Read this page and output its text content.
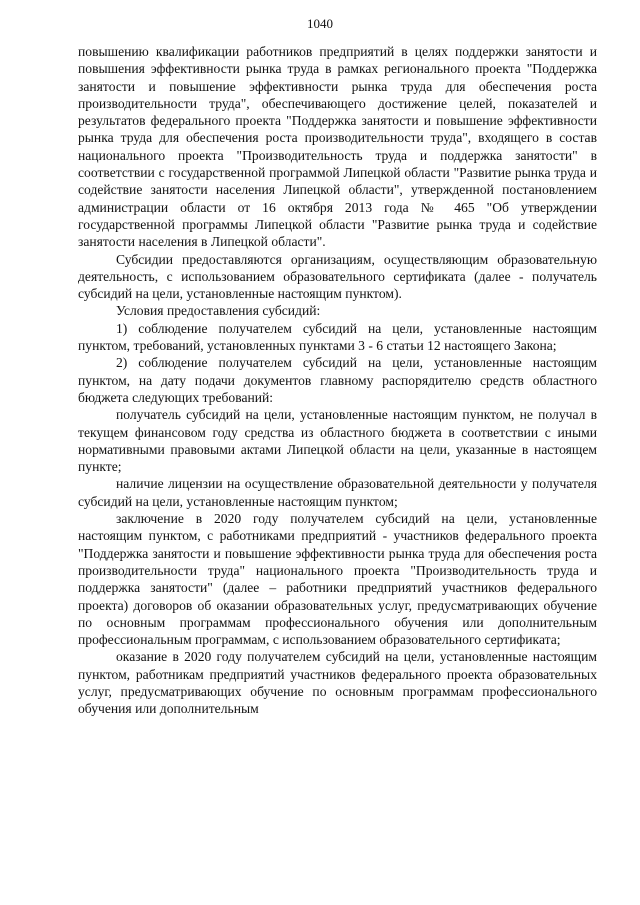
1040

повышению квалификации работников предприятий в целях поддержки занятости и повышения эффективности рынка труда в рамках регионального проекта "Поддержка занятости и повышение эффективности рынка труда для обеспечения роста производительности труда", обеспечивающего достижение целей, показателей и результатов федерального проекта "Поддержка занятости и повышение эффективности рынка труда для обеспечения роста производительности труда", входящего в состав национального проекта "Производительность труда и поддержка занятости" в соответствии с государственной программой Липецкой области "Развитие рынка труда и содействие занятости населения Липецкой области", утвержденной постановлением администрации области от 16 октября 2013 года № 465 "Об утверждении государственной программы Липецкой области "Развитие рынка труда и содействие занятости населения в Липецкой области".

Субсидии предоставляются организациям, осуществляющим образовательную деятельность, с использованием образовательного сертификата (далее - получатель субсидий на цели, установленные настоящим пунктом).

Условия предоставления субсидий:

1) соблюдение получателем субсидий на цели, установленные настоящим пунктом, требований, установленных пунктами 3 - 6 статьи 12 настоящего Закона;

2) соблюдение получателем субсидий на цели, установленные настоящим пунктом, на дату подачи документов главному распорядителю средств областного бюджета следующих требований:

получатель субсидий на цели, установленные настоящим пунктом, не получал в текущем финансовом году средства из областного бюджета в соответствии с иными нормативными правовыми актами Липецкой области на цели, указанные в настоящем пункте;

наличие лицензии на осуществление образовательной деятельности у получателя субсидий на цели, установленные настоящим пунктом;

заключение в 2020 году получателем субсидий на цели, установленные настоящим пунктом, с работниками предприятий - участников федерального проекта "Поддержка занятости и повышение эффективности рынка труда для обеспечения роста производительности труда" национального проекта "Производительность труда и поддержка занятости" (далее – работники предприятий участников федерального проекта) договоров об оказании образовательных услуг, предусматривающих обучение по основным программам профессионального обучения или дополнительным профессиональным программам, с использованием образовательного сертификата;

оказание в 2020 году получателем субсидий на цели, установленные настоящим пунктом, работникам предприятий участников федерального проекта образовательных услуг, предусматривающих обучение по основным программам профессионального обучения или дополнительным
